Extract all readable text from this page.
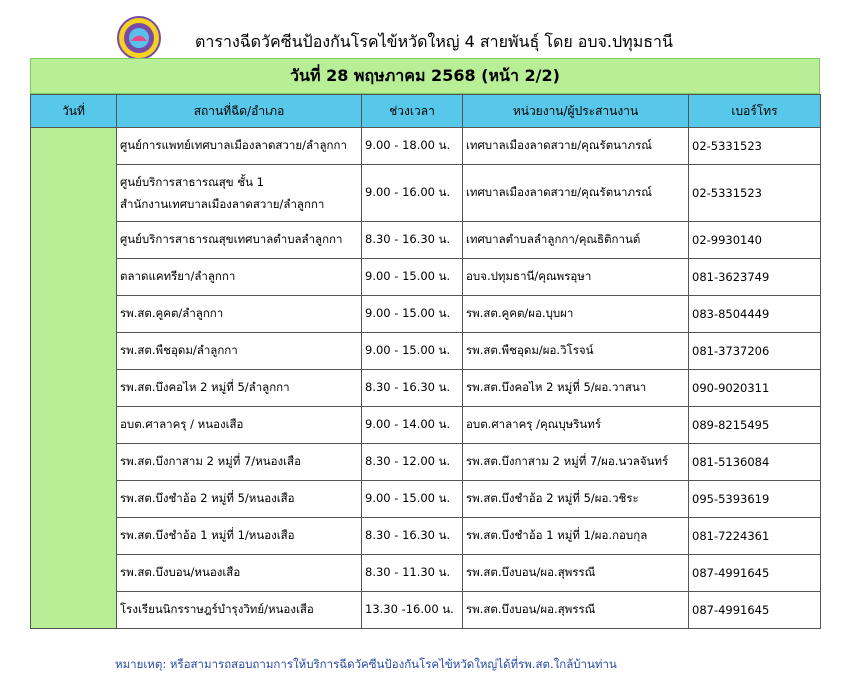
ตารางฉีดวัคซีนป้องกันโรคไข้หวัดใหญ่ 4 สายพันธุ์ โดย อบจ.ปทุมธานี
วันที่ 28 พฤษภาคม 2568 (หน้า 2/2)
วันที่	สถานที่ฉีด/อำเภอ	ช่วงเวลา	หน่วยงาน/ผู้ประสานงาน	เบอร์โทร
	ศูนย์การแพทย์เทศบาลเมืองลาดสวาย/ลำลูกกา	9.00 - 18.00 น.	เทศบาลเมืองลาดสวาย/คุณรัตนาภรณ์	02-5331523

	ศูนย์บริการสาธารณสุข ชั้น 1
สำนักงานเทศบาลเมืองลาดสวาย/ลำลูกกา	9.00 - 16.00 น.	เทศบาลเมืองลาดสวาย/คุณรัตนาภรณ์	02-5331523
	ศูนย์บริการสาธารณสุขเทศบาลตำบลลำลูกกา	8.30 - 16.30 น.	เทศบาลตำบลลำลูกกา/คุณธิติกานต์	02-9930140
	ตลาดแคทรียา/ลำลูกกา	9.00 - 15.00 น.	อบจ.ปทุมธานี/คุณพรอุษา	081-3623749
	รพ.สต.คูคต/ลำลูกกา	9.00 - 15.00 น.	รพ.สต.คูคต/ผอ.บุบผา	083-8504449
	รพ.สต.พืชอุดม/ลำลูกกา	9.00 - 15.00 น.	รพ.สต.พืชอุดม/ผอ.วิโรจน์	081-3737206
	รพ.สต.บึงคอไห 2 หมู่ที่ 5/ลำลูกกา	8.30 - 16.30 น.	รพ.สต.บึงคอไห 2 หมู่ที่ 5/ผอ.วาสนา	090-9020311
	อบต.ศาลาครุ / หนองเสือ	9.00 - 14.00 น.	อบต.ศาลาครุ /คุณบุษรินทร์	089-8215495
	รพ.สต.บึงกาสาม 2 หมู่ที่ 7/หนองเสือ	8.30 - 12.00 น.	รพ.สต.บึงกาสาม 2 หมู่ที่ 7/ผอ.นวลจันทร์	081-5136084
	รพ.สต.บึงชำอ้อ 2 หมู่ที่ 5/หนองเสือ	9.00 - 15.00 น.	รพ.สต.บึงชำอ้อ 2 หมู่ที่ 5/ผอ.วชิระ	095-5393619
	รพ.สต.บึงชำอ้อ 1 หมู่ที่ 1/หนองเสือ	8.30 - 16.30 น.	รพ.สต.บึงชำอ้อ 1 หมู่ที่ 1/ผอ.กอบกุล	081-7224361
	รพ.สต.บึงบอน/หนองเสือ	8.30 - 11.30 น.	รพ.สต.บึงบอน/ผอ.สุพรรณี	087-4991645
	โรงเรียนนิกรราษฎร์บำรุงวิทย์/หนองเสือ	13.30 -16.00 น.	รพ.สต.บึงบอน/ผอ.สุพรรณี	087-4991645
หมายเหตุ: หรือสามารถสอบถามการให้บริการฉีดวัคซีนป้องกันโรคไข้หวัดใหญ่ได้ที่รพ.สต.ใกล้บ้านท่าน
